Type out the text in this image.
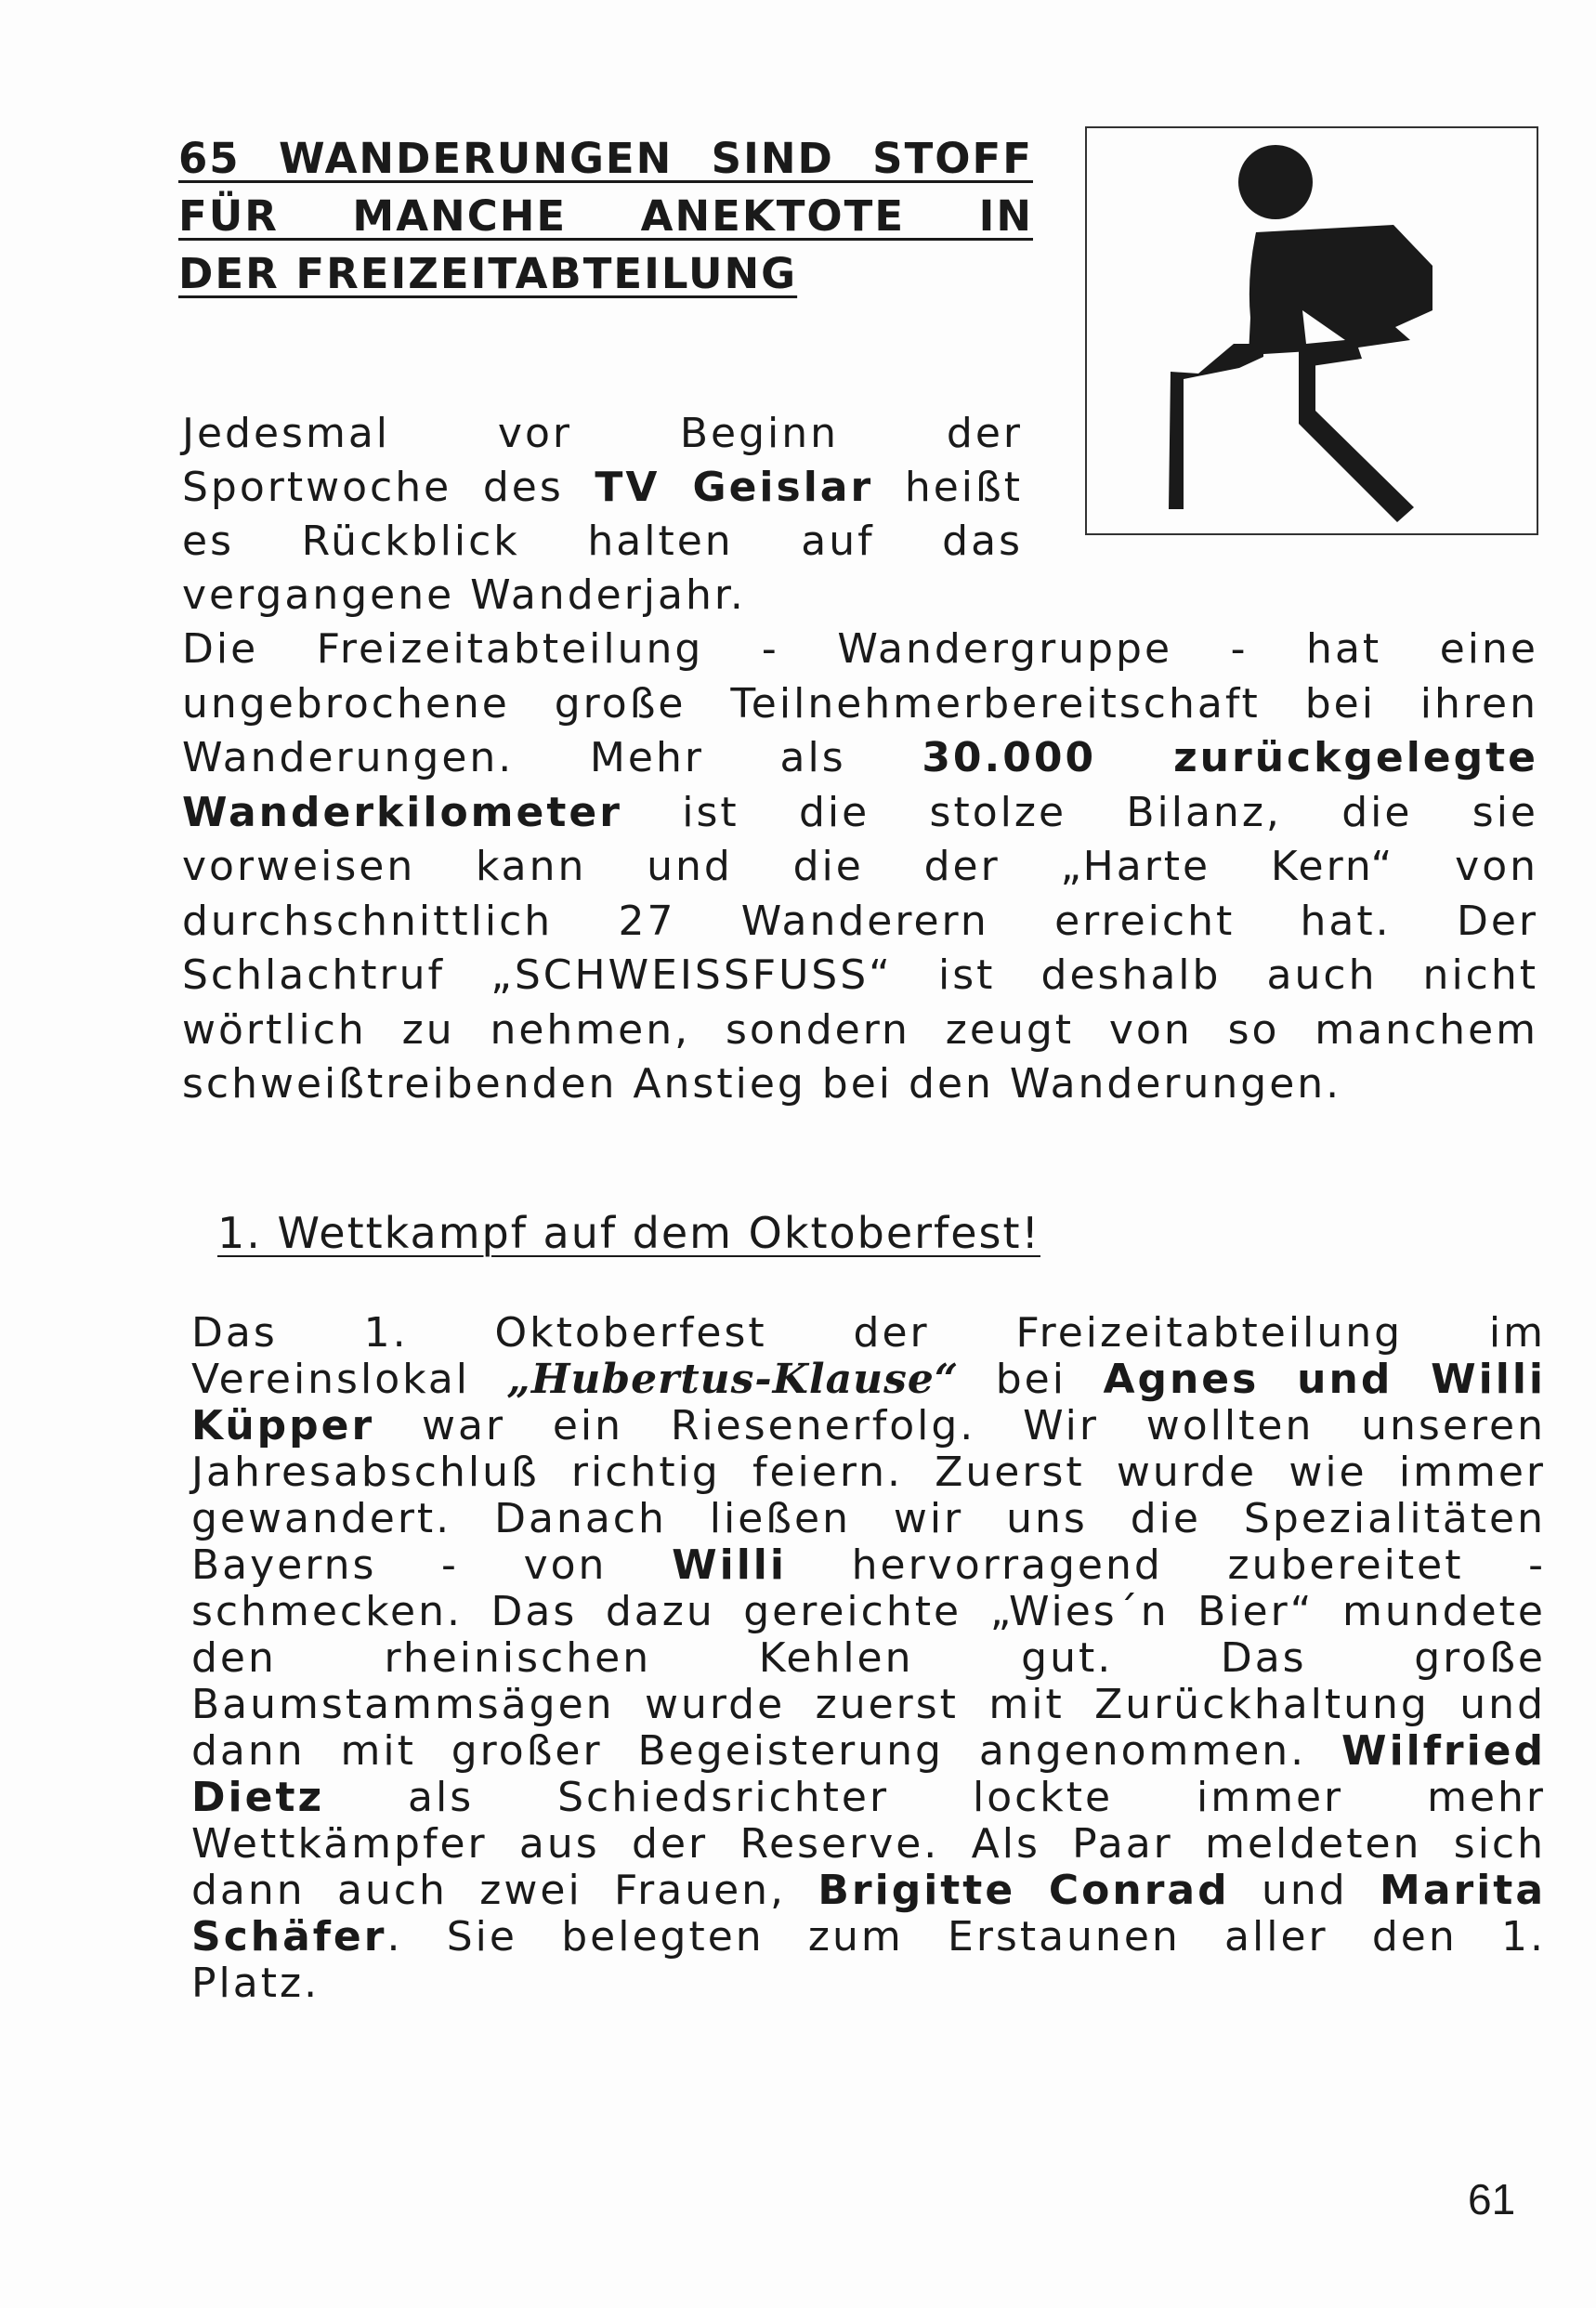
65 WANDERUNGEN SIND STOFF
FÜR MANCHE ANEKTOTE IN
DER FREIZEITABTEILUNG

Jedesmal vor Beginn der
Sportwoche des TV Geislar heißt
es Rückblick halten auf das
vergangene Wanderjahr.

Die Freizeitabteilung - Wandergruppe - hat eine
ungebrochene große Teilnehmerbereitschaft bei ihren
Wanderungen. Mehr als 30.000 zurückgelegte
Wanderkilometer ist die stolze Bilanz, die sie
vorweisen kann und die der „Harte Kern“ von
durchschnittlich 27 Wanderern erreicht hat. Der
Schlachtruf „SCHWEISSFUSS“ ist deshalb auch nicht
wörtlich zu nehmen, sondern zeugt von so manchem
schweißtreibenden Anstieg bei den Wanderungen.

1. Wettkampf auf dem Oktoberfest!

Das 1. Oktoberfest der Freizeitabteilung im
Vereinslokal „Hubertus-Klause“ bei Agnes und Willi
Küpper war ein Riesenerfolg. Wir wollten unseren
Jahresabschluß richtig feiern. Zuerst wurde wie immer
gewandert. Danach ließen wir uns die Spezialitäten
Bayerns - von Willi hervorragend zubereitet -
schmecken. Das dazu gereichte „Wies´n Bier“ mundete
den rheinischen Kehlen gut. Das große
Baumstammsägen wurde zuerst mit Zurückhaltung und
dann mit großer Begeisterung angenommen. Wilfried
Dietz als Schiedsrichter lockte immer mehr
Wettkämpfer aus der Reserve. Als Paar meldeten sich
dann auch zwei Frauen, Brigitte Conrad und Marita
Schäfer. Sie belegten zum Erstaunen aller den 1.
Platz.

61
